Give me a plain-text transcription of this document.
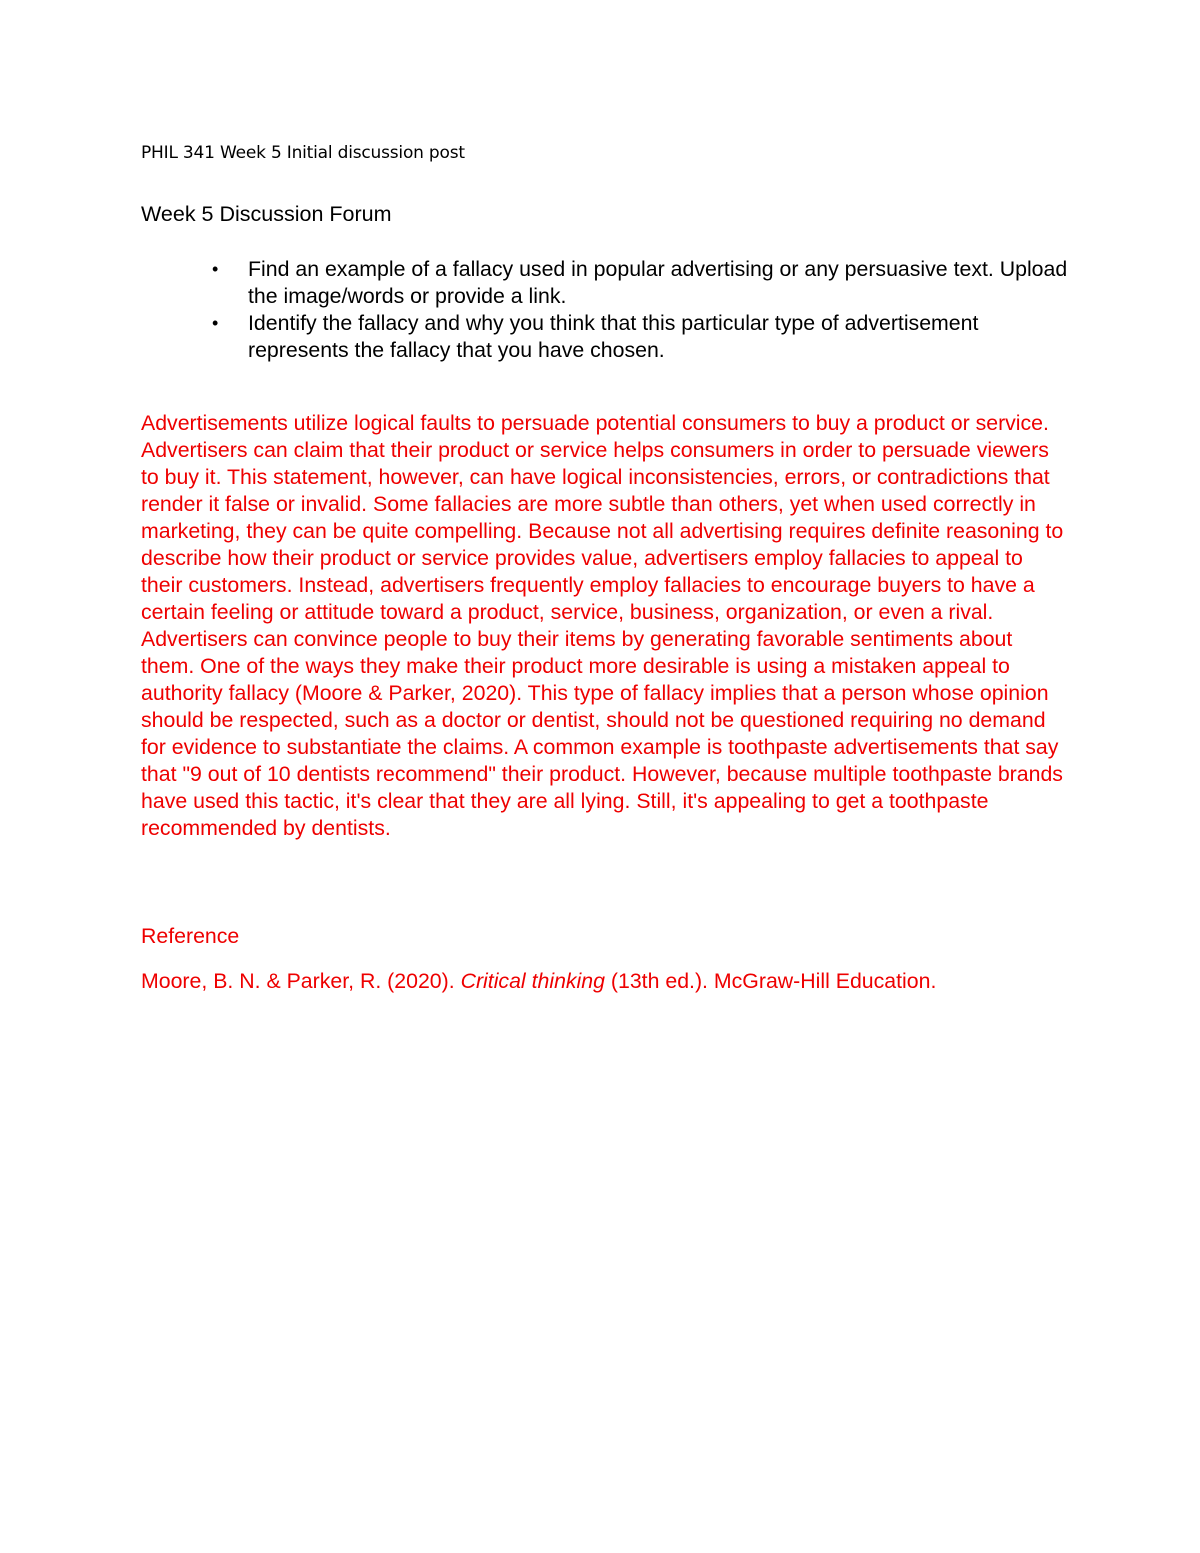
PHIL 341 Week 5 Initial discussion post
Week 5 Discussion Forum
• Find an example of a fallacy used in popular advertising or any persuasive text. Upload the image/words or provide a link.
• Identify the fallacy and why you think that this particular type of advertisement represents the fallacy that you have chosen.

Advertisements utilize logical faults to persuade potential consumers to buy a product or service. Advertisers can claim that their product or service helps consumers in order to persuade viewers to buy it. This statement, however, can have logical inconsistencies, errors, or contradictions that render it false or invalid. Some fallacies are more subtle than others, yet when used correctly in marketing, they can be quite compelling. Because not all advertising requires definite reasoning to describe how their product or service provides value, advertisers employ fallacies to appeal to their customers. Instead, advertisers frequently employ fallacies to encourage buyers to have a certain feeling or attitude toward a product, service, business, organization, or even a rival. Advertisers can convince people to buy their items by generating favorable sentiments about them. One of the ways they make their product more desirable is using a mistaken appeal to authority fallacy (Moore & Parker, 2020). This type of fallacy implies that a person whose opinion should be respected, such as a doctor or dentist, should not be questioned requiring no demand for evidence to substantiate the claims. A common example is toothpaste advertisements that say that "9 out of 10 dentists recommend" their product. However, because multiple toothpaste brands have used this tactic, it's clear that they are all lying. Still, it's appealing to get a toothpaste recommended by dentists.

Reference

Moore, B. N. & Parker, R. (2020). Critical thinking (13th ed.). McGraw-Hill Education.
